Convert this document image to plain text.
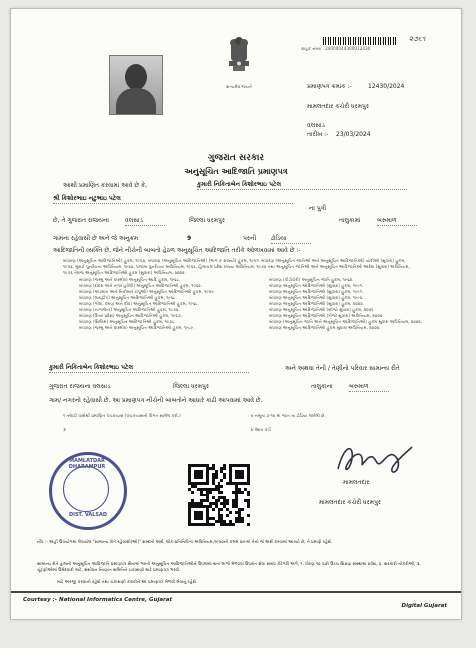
સત્યમેવ જયતે
ગ્રાહક નંબર : 24000044300012430
૨૭૬૧
પ્રમાણપત્ર ક્રમાંક :-	12430/2024
મામલતદાર કચેરી ધરમપુર
વલસાડ
તારીખ :- 23/03/2024
ગુજરાત સરકાર
અનુસૂચિત આદિજાતિ પ્રમાણપત્ર
આથી પ્રમાણિત કરવામાં આવે છે કે,	કુમારી નિકિતાબેન કિશોરભાઇ પટેલ
શ્રી કિશોરભાઇ નટુભાઇ પટેલ
ના પુત્રી
છે, તે ગુજરાત રાજયના	વલસાડ	જિલ્લા ધરમપુર	તાલુકામાં	બરુમાળ
ગામના રહેવાસી છે અને જે અનુક્રમ	9	પરની ઢોડિયા
આદિજાતિની વ્યક્તિ છે, જેને નીચેની બાબતો હેઠળ અનુસૂચિત આદિજાતિ તરીકે ઓળખવામાં આવે છે :-
બંધારણ (અનુસૂચિત આદિજાતિઓ) હુકમ, ૧૯૫૦, બંધારણ (અનુસૂચિત આદિજાતિઓ) (ભાગ ક રાજ્યો) હુકમ, ૧૯૫૧. બંધારણ (અનુસૂચિત જાતિઓ અને અનુસૂચિત આદિજાતિઓ) યાદીઓ (સુધારા) હુકમ, ૧૯૫૬, મુંબઈ પુનર્રચના અધિનિયમ, ૧૯૬૦, પંજાબ પુનર્રચના અધિનિયમ, ૧૯૬૬, હિમાચલ પ્રદેશ રાજ્ય અધિનિયમ, ૧૯૭૦ તથા અનુસૂચિત જાતિઓ અને અનુસૂચિત આદિજાતિઓ આદેશ (સુધારા) અધિનિયમ, ૧૯૭૬ તેમજ અનુસૂચિત આદિજાતિઓ હુકમ (સુધારા) અધિનિયમ, ૨૦૦૨.
બંધારણ (જમ્મુ અને કાશ્મીર) અનુસૂચિત આદિ હુકમ, ૧૯૬૮.
બંધારણ (દાદરા અને નગર હવેલી) અનુસૂચિત આદિજાતિઓ હુકમ, ૧૯૬૨.
બંધારણ (અંડમાન અને નિકોબાર ટાપુઓ) અનુસૂચિત આદિજાતિઓ હુકમ, ૧૯૫૯.
બંધારણ (લક્ષદ્વીપ) અનુસૂચિત આદિજાતિઓ હુકમ, ૧૯૬૮.
બંધારણ (ગોવા, દમણ અને દીવ) અનુસૂચિત આદિજાતિઓ હુકમ, ૧૯૬૮.
બંધારણ (નાગાલેન્ડ) અનુસૂચિત આદિજાતિઓ હુકમ, ૧૯૭૦.
બંધારણ (ઉત્તર પ્રદેશ) અનુસૂચિત આદિજાતિઓ હુકમ, ૧૯૬૭.
બંધારણ (સિક્કિમ) અનુસૂચિત આદિજાતિઓ હુકમ, ૧૯૭૮.
બંધારણ (જમ્મુ અને કાશ્મીર) અનુસૂચિત આદિજાતિઓ હુકમ, ૧૯૮૯.
બંધારણ (પોંડીચેરી) અનુસૂચિત જાતિ હુકમ, ૧૯૬૪.
બંધારણ અનુસૂચિત આદિજાતિઓ (સુધારા) હુકમ, ૧૯૯૧.
બંધારણ અનુસૂચિત આદિજાતિઓ (સુધારા) હુકમ, ૧૯૯૧.
બંધારણ અનુસૂચિત આદિજાતિઓ (સુધારા) હુકમ, ૧૯૯૬.
બંધારણ અનુસૂચિત આદિજાતિઓ (સુધારા) હુકમ, ૨૦૦૦.
બંધારણ અનુસૂચિત આદિજાતિઓ (બીજો સુધારા) હુકમ, ૨૦૦૧.
બંધારણ અનુસૂચિત આદિજાતિઓ (ત્રીજો સુધારા) અધિનિયમ, ૨૦૦૨.
બંધારણ (અનુસૂચિત જાતિ અને અનુસૂચિત આદિજાતિઓ) હુકમ સુધારા અધિનિયમ, ૨૦૦૨.
બંધારણ અનુસૂચિત આદિજાતિઓ હુકમ સુધારા અધિનિયમ, ૨૦૦૨.
કુમારી નિકિતાબેન કિશોરભાઇ પટેલ	અને અથવા તેની / તેણીનો પરિવાર સામાન્ય રીતે
ગુજરાત રાજયના વલસાડ	જિલ્લા ધરમપુર	તાલુકાના	બરુમાળ
ગામ/ નગરનો રહેવાસી છે. આ પ્રમાણપત્ર નીચેની બાબતોને આધારે કાઢી આપવામાં આવે છે.
૧ તલાટી પાસેથી પ્રમાણિત પંચકયાસ (પંચકયાસની વિગત સામેલ કરો.)	૨ નમૂના ૭-૧૨ માં જાત ના ઢોડિયા લખેલી છે.
૩	૪ રેશન કાર્ડ
MAMLATDAR DHARAMPUR
DIST. VALSAD
મામલતદાર
મામલતદાર કચેરી ધરમપુર
નોંધ :- અહીં ઉપયોગમાં લેવાયેલ "સામાન્ય રીતે રહેવાસી(ઓ)" શબ્દનો અર્થ, લોક-પ્રતિનિધિત્વ અધિનિયમ,૧૯૫૦ની કલમ ૨૦-માં તેનો જે અર્થ કરવામાં આવ્યો છે, તે પ્રમાણે રહેશે.
સામાન્ય રીતે હાલની અનુસૂચિત આદિજાતિ પ્રમાણપત્ર સૈનામાં ભરતી અનુસૂચિત આદિજાતિઓને ઉપલબ્ધ થતાં લાભો મેળવવા ઉપરાંત સેવા સંબંધ કેટેગરી અંગે, ૧. ધોરણ ૧૦ પછી ઉચ્ચ શિક્ષણ સંસ્થામાં પ્રવેશ, ૨. સરકારી નોકરીઓ, ૩. ચૂંટણીઓમાં ઉમેદવારી માટે, સંશોધન નિષ્ણાંત સમિતિને ચકાસણી માટે પ્રમાણપત્ર ભરવો.
માટે અરજી કરવાની રહેશે તથા ચકાસણી કરાવીને આ પ્રમાણપત્ર મેળવી લેવાનું રહેશે.
Courtesy :- National Informatics Centre, Gujarat
Digital Gujarat
